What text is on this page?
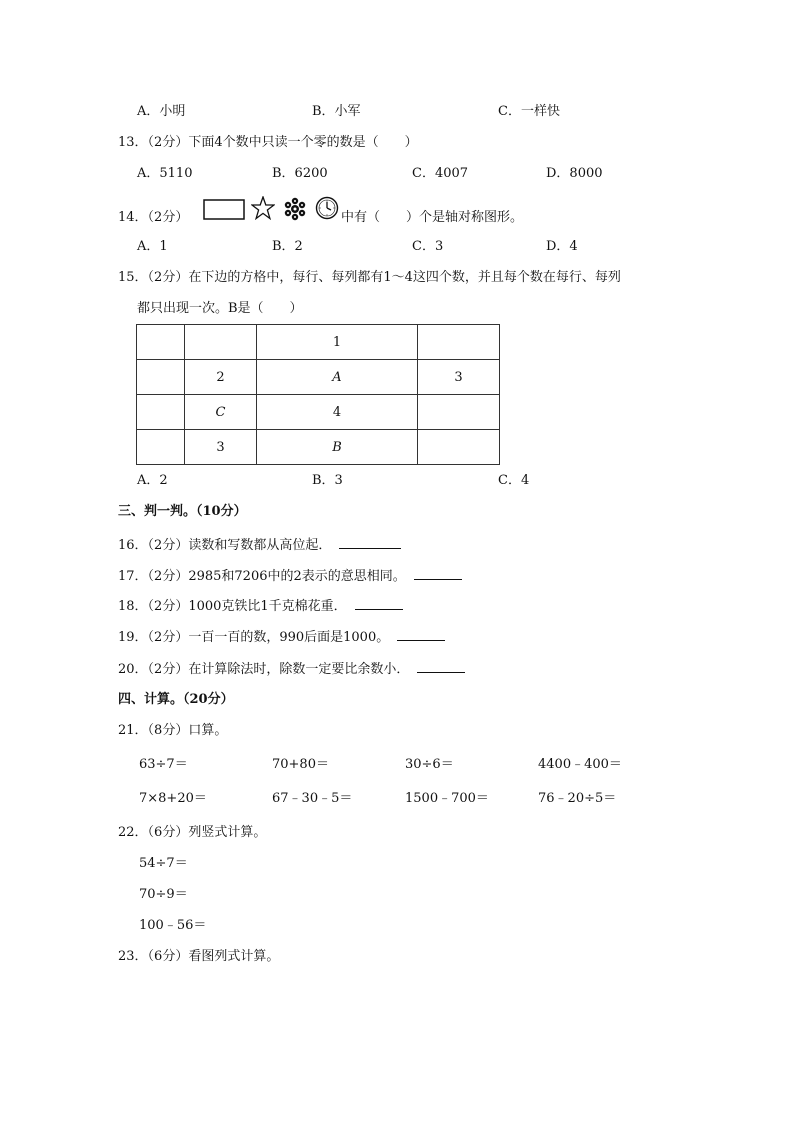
A．小明	B．小军	C．一样快
13．（2分）下面4个数中只读一个零的数是（　　）
A．5110	B．6200	C．4007	D．8000
14．（2分）	中有（　　）个是轴对称图形。
A．1	B．2	C．3	D．4
15．（2分）在下边的方格中，每行、每列都有1～4这四个数，并且每个数在每行、每列
都只出现一次。B是（　　）
		1	
	2	A	3
	C	4	
	3	B	
A．2	B．3	C．4
三、判一判。（10分）
16．（2分）读数和写数都从高位起．
17．（2分）2985和7206中的2表示的意思相同。
18．（2分）1000克铁比1千克棉花重．
19．（2分）一百一百的数，990后面是1000。
20．（2分）在计算除法时，除数一定要比余数小．
四、计算。（20分）
21．（8分）口算。
63÷7＝	70+80＝	30÷6＝	4400﹣400＝
7×8+20＝	67﹣30﹣5＝	1500﹣700＝	76﹣20÷5＝
22．（6分）列竖式计算。
54÷7＝
70÷9＝
100﹣56＝
23．（6分）看图列式计算。
